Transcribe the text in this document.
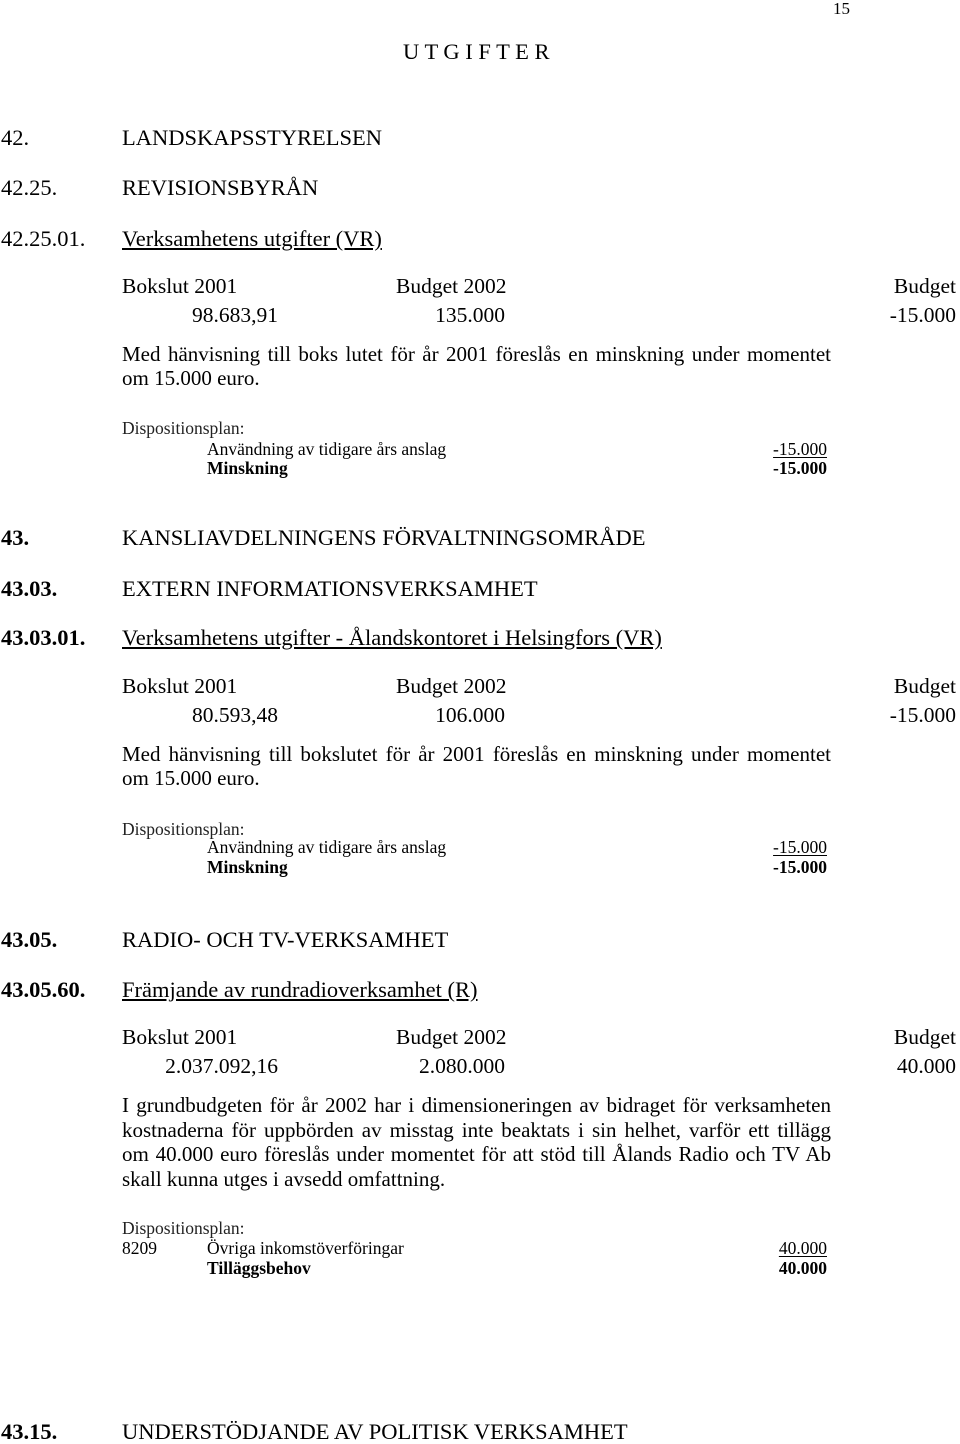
15
U T G I F T E R
42.	LANDSKAPSSTYRELSEN
42.25.	REVISIONSBYRÅN
42.25.01. Verksamhetens utgifter (VR)
Bokslut 2001	Budget 2002	Budget
98.683,91	135.000	-15.000
Med hänvisning till boks lutet för år 2001 föreslås en minskning under momentet
om 15.000 euro.
Dispositionsplan:
Användning av tidigare års anslag	-15.000
Minskning	-15.000
43.	KANSLIAVDELNINGENS FÖRVALTNINGSOMRÅDE
43.03.	EXTERN INFORMATIONSVERKSAMHET
43.03.01. Verksamhetens utgifter - Ålandskontoret i Helsingfors (VR)
Bokslut 2001	Budget 2002	Budget
80.593,48	106.000	-15.000
Med hänvisning till bokslutet för år 2001 föreslås en minskning under momentet
om 15.000 euro.
Dispositionsplan:
Användning av tidigare års anslag	-15.000
Minskning	-15.000
43.05.	RADIO- OCH TV-VERKSAMHET
43.05.60. Främjande av rundradioverksamhet (R)
Bokslut 2001	Budget 2002	Budget
2.037.092,16	2.080.000	40.000
I grundbudgeten för år 2002 har i dimensioneringen av bidraget för verksamheten
kostnaderna för uppbörden av misstag inte beaktats i sin helhet, varför ett tillägg
om 40.000 euro föreslås under momentet för att stöd till Ålands Radio och TV Ab
skall kunna utges i avsedd omfattning.
Dispositionsplan:
8209	Övriga inkomstöverföringar	40.000
Tilläggsbehov	40.000
43.15.	UNDERSTÖDJANDE AV POLITISK VERKSAMHET
